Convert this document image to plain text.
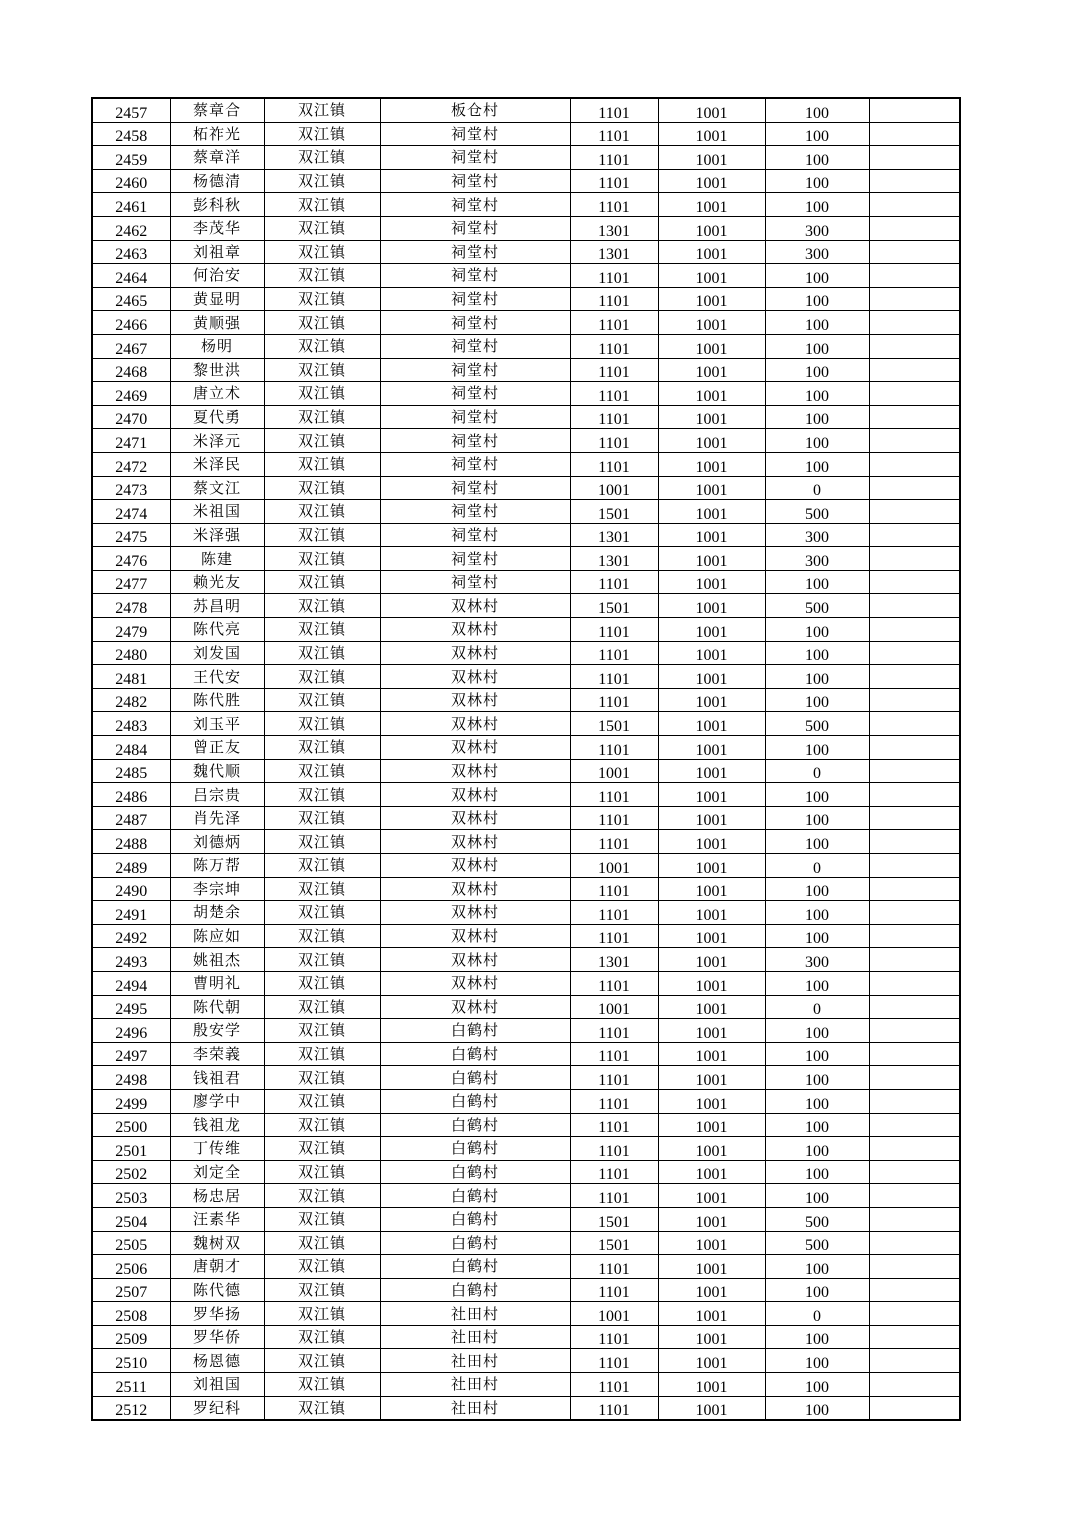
2457	蔡章合	双江镇	板仓村	1101	1001	100	
2458	柘祚光	双江镇	祠堂村	1101	1001	100	
2459	蔡章洋	双江镇	祠堂村	1101	1001	100	
2460	杨德清	双江镇	祠堂村	1101	1001	100	
2461	彭科秋	双江镇	祠堂村	1101	1001	100	
2462	李茂华	双江镇	祠堂村	1301	1001	300	
2463	刘祖章	双江镇	祠堂村	1301	1001	300	
2464	何治安	双江镇	祠堂村	1101	1001	100	
2465	黄显明	双江镇	祠堂村	1101	1001	100	
2466	黄顺强	双江镇	祠堂村	1101	1001	100	
2467	杨明	双江镇	祠堂村	1101	1001	100	
2468	黎世洪	双江镇	祠堂村	1101	1001	100	
2469	唐立术	双江镇	祠堂村	1101	1001	100	
2470	夏代勇	双江镇	祠堂村	1101	1001	100	
2471	米泽元	双江镇	祠堂村	1101	1001	100	
2472	米泽民	双江镇	祠堂村	1101	1001	100	
2473	蔡文江	双江镇	祠堂村	1001	1001	0	
2474	米祖国	双江镇	祠堂村	1501	1001	500	
2475	米泽强	双江镇	祠堂村	1301	1001	300	
2476	陈建	双江镇	祠堂村	1301	1001	300	
2477	赖光友	双江镇	祠堂村	1101	1001	100	
2478	苏昌明	双江镇	双林村	1501	1001	500	
2479	陈代亮	双江镇	双林村	1101	1001	100	
2480	刘发国	双江镇	双林村	1101	1001	100	
2481	王代安	双江镇	双林村	1101	1001	100	
2482	陈代胜	双江镇	双林村	1101	1001	100	
2483	刘玉平	双江镇	双林村	1501	1001	500	
2484	曾正友	双江镇	双林村	1101	1001	100	
2485	魏代顺	双江镇	双林村	1001	1001	0	
2486	吕宗贵	双江镇	双林村	1101	1001	100	
2487	肖先泽	双江镇	双林村	1101	1001	100	
2488	刘德炳	双江镇	双林村	1101	1001	100	
2489	陈万帮	双江镇	双林村	1001	1001	0	
2490	李宗坤	双江镇	双林村	1101	1001	100	
2491	胡楚余	双江镇	双林村	1101	1001	100	
2492	陈应如	双江镇	双林村	1101	1001	100	
2493	姚祖杰	双江镇	双林村	1301	1001	300	
2494	曹明礼	双江镇	双林村	1101	1001	100	
2495	陈代朝	双江镇	双林村	1001	1001	0	
2496	殷安学	双江镇	白鹤村	1101	1001	100	
2497	李荣義	双江镇	白鹤村	1101	1001	100	
2498	钱祖君	双江镇	白鹤村	1101	1001	100	
2499	廖学中	双江镇	白鹤村	1101	1001	100	
2500	钱祖龙	双江镇	白鹤村	1101	1001	100	
2501	丁传维	双江镇	白鹤村	1101	1001	100	
2502	刘定全	双江镇	白鹤村	1101	1001	100	
2503	杨忠居	双江镇	白鹤村	1101	1001	100	
2504	汪素华	双江镇	白鹤村	1501	1001	500	
2505	魏树双	双江镇	白鹤村	1501	1001	500	
2506	唐朝才	双江镇	白鹤村	1101	1001	100	
2507	陈代德	双江镇	白鹤村	1101	1001	100	
2508	罗华扬	双江镇	社田村	1001	1001	0	
2509	罗华侨	双江镇	社田村	1101	1001	100	
2510	杨恩德	双江镇	社田村	1101	1001	100	
2511	刘祖国	双江镇	社田村	1101	1001	100	
2512	罗纪科	双江镇	社田村	1101	1001	100	
